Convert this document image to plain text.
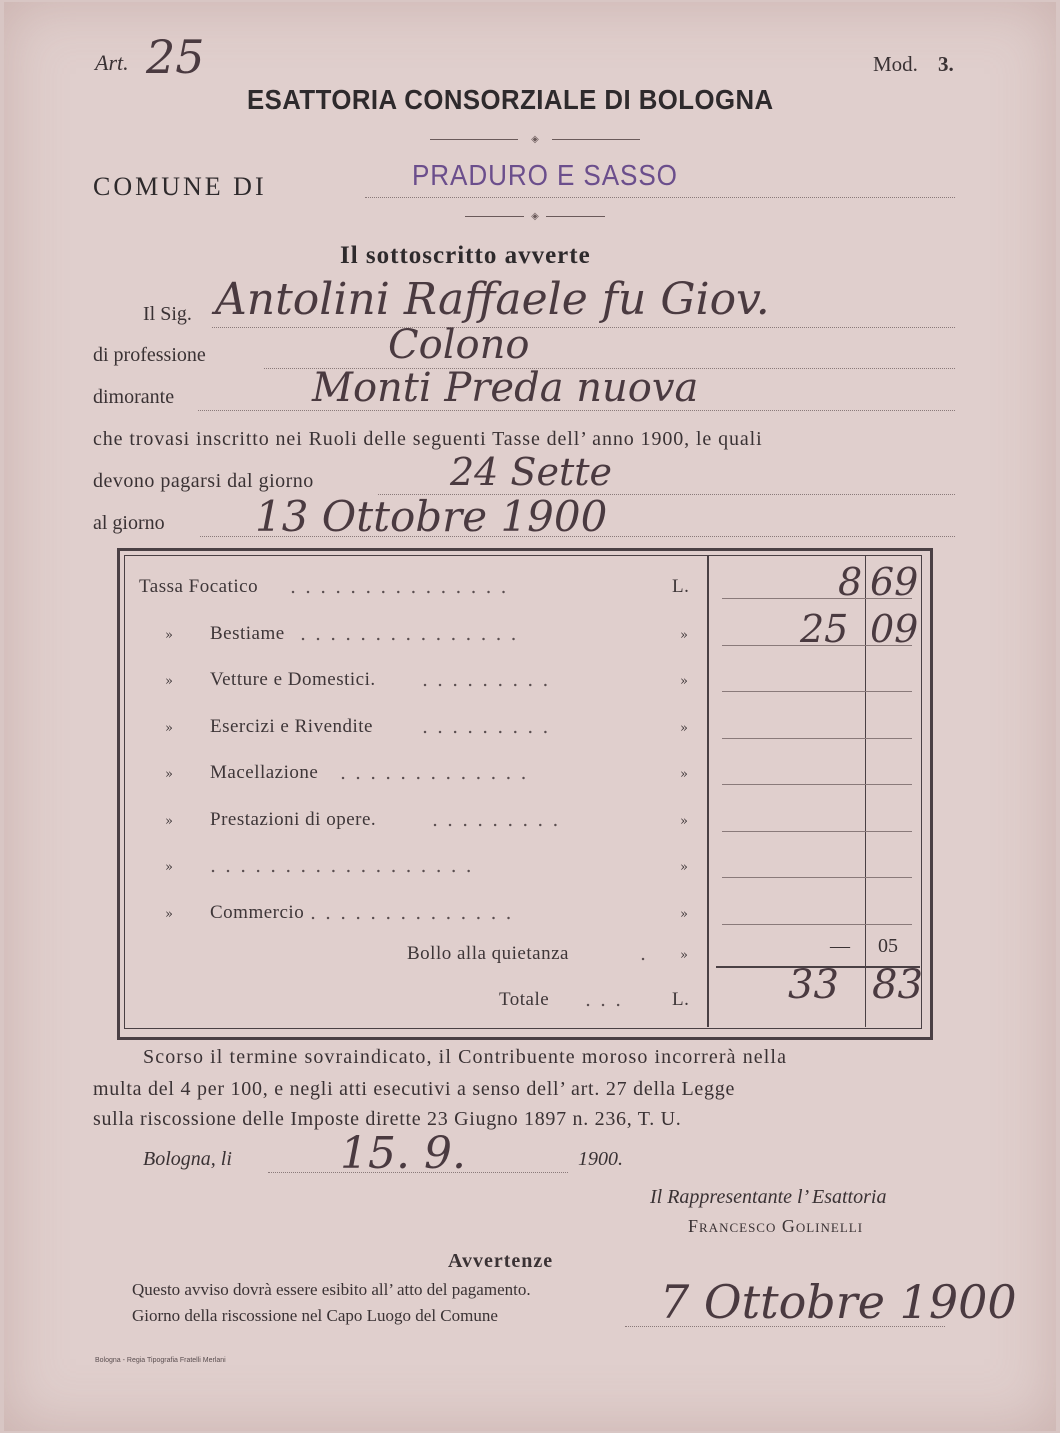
Art. 25	Mod. 3.
ESATTORIA CONSORZIALE DI BOLOGNA
◈
COMUNE DI	PRADURO E SASSO
◈
Il sottoscritto avverte
Il Sig. Antolini Raffaele fu Giov.
di professione	Colono
dimorante	Monti Preda nuova
che trovasi inscritto nei Ruoli delle seguenti Tasse dell’ anno 1900, le quali
devono pagarsi dal giorno	24 Sette
al giorno 13 Ottobre 1900
Tassa Focatico ...............	L.	8 69
» Bestiame ...............	»	25 09
» Vetture e Domestici. .........	»
» Esercizi e Rivendite	.........	»
» Macellazione .............	»
» Prestazioni di opere.	.........	»
» ..................	»
» Commercio ..............	»
Bollo alla quietanza	. »	— 05
Totale ... L. 33 83
Scorso il termine sovraindicato, il Contribuente moroso incorrerà nella
multa del 4 per 100, e negli atti esecutivi a senso dell’ art. 27 della Legge
sulla riscossione delle Imposte dirette 23 Giugno 1897 n. 236, T. U.
Bologna, li 15. 9.	1900.
Il Rappresentante l’ Esattoria
Francesco Golinelli
Avvertenze
Questo avviso dovrà essere esibito all’ atto del pagamento.
Giorno della riscossione nel Capo Luogo del Comune	7 Ottobre 1900
Bologna - Regia Tipografia Fratelli Merlani
